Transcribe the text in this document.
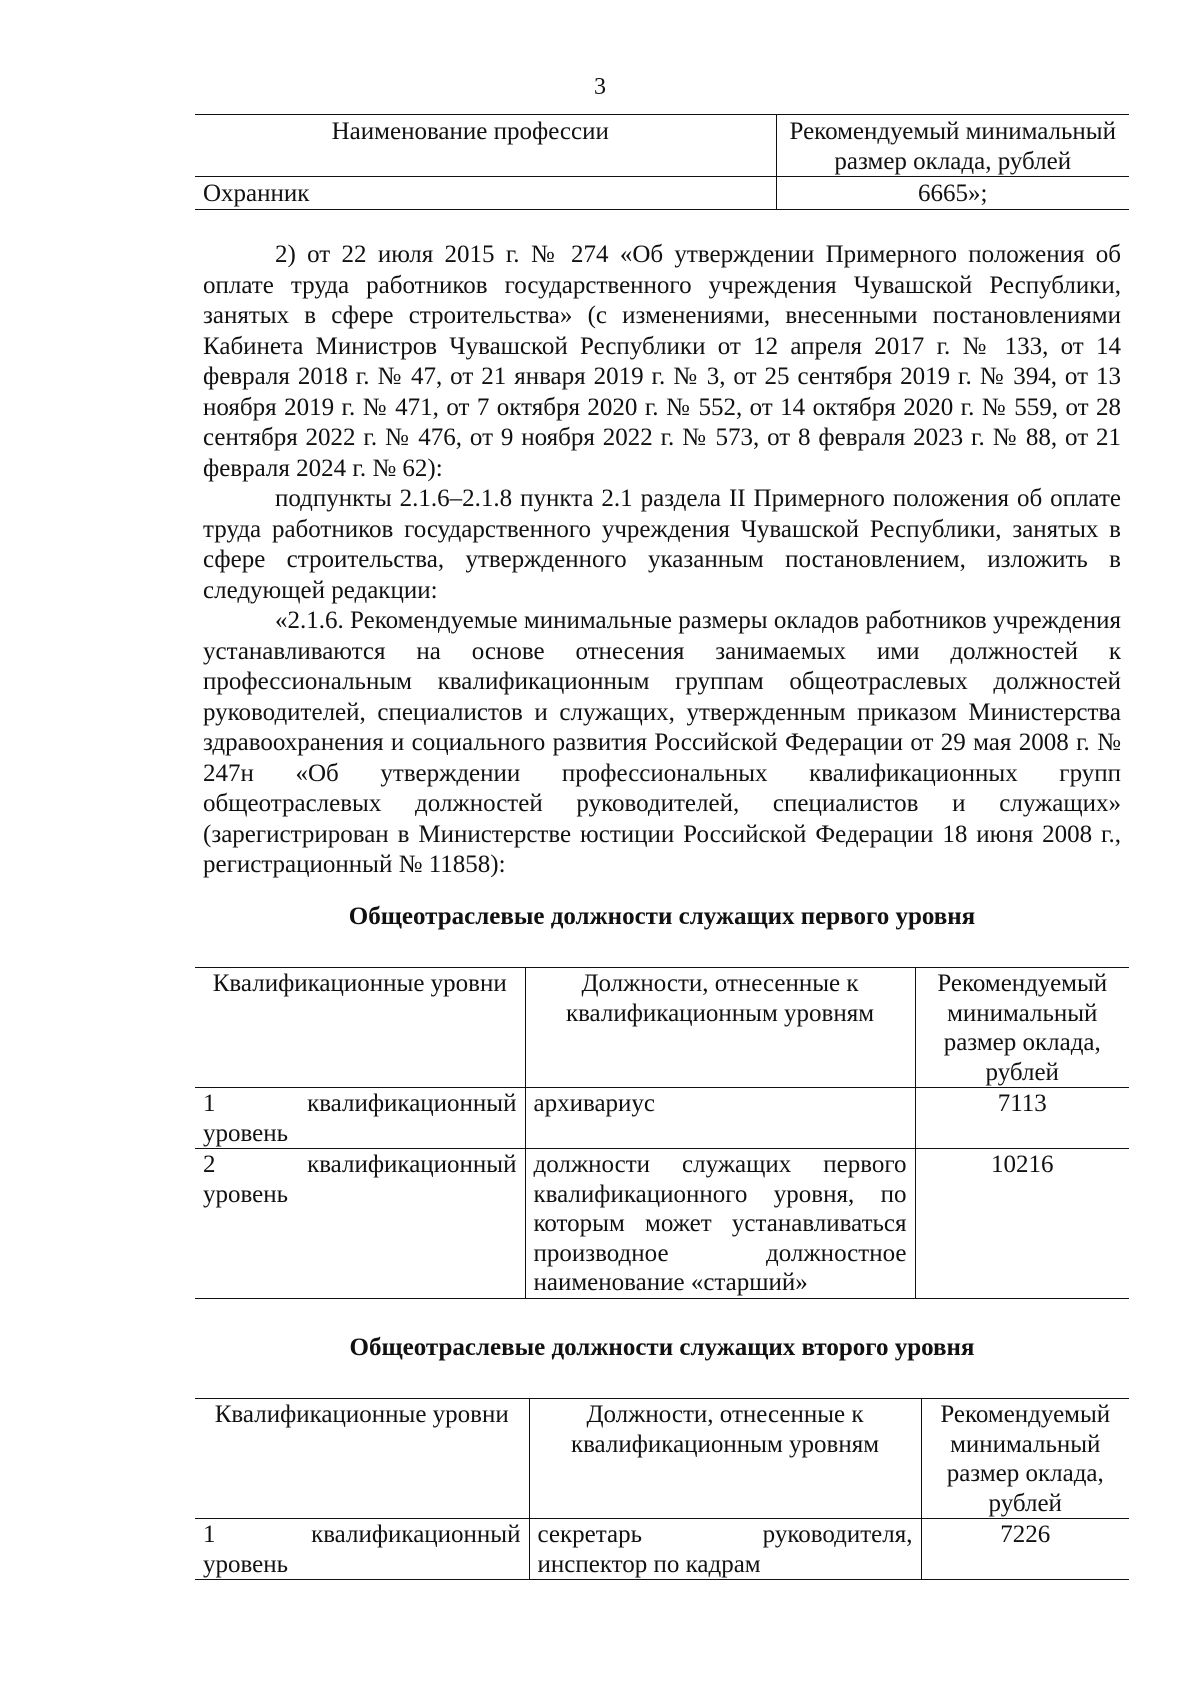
3
Наименование профессии	Рекомендуемый минимальный размер оклада, рублей
Охранник	6665»;

2) от 22 июля 2015 г. № 274 «Об утверждении Примерного положения об оплате труда работников государственного учреждения Чувашской Республики, занятых в сфере строительства» (с изменениями, внесенными постановлениями Кабинета Министров Чувашской Республики от 12 апреля 2017 г. № 133, от 14 февраля 2018 г. № 47, от 21 января 2019 г. № 3, от 25 сентября 2019 г. № 394, от 13 ноября 2019 г. № 471, от 7 октября 2020 г. № 552, от 14 октября 2020 г. № 559, от 28 сентября 2022 г. № 476, от 9 ноября 2022 г. № 573, от 8 февраля 2023 г. № 88, от 21 февраля 2024 г. № 62):

подпункты 2.1.6–2.1.8 пункта 2.1 раздела II Примерного положения об оплате труда работников государственного учреждения Чувашской Республики, занятых в сфере строительства, утвержденного указанным постановлением, изложить в следующей редакции:

«2.1.6. Рекомендуемые минимальные размеры окладов работников учреждения устанавливаются на основе отнесения занимаемых ими должностей к профессиональным квалификационным группам общеотраслевых должностей руководителей, специалистов и служащих, утвержденным приказом Министерства здравоохранения и социального развития Российской Федерации от 29 мая 2008 г. № 247н «Об утверждении профессиональных квалификационных групп общеотраслевых должностей руководителей, специалистов и служащих» (зарегистрирован в Министерстве юстиции Российской Федерации 18 июня 2008 г., регистрационный № 11858):

Общеотраслевые должности служащих первого уровня
Квалификационные уровни	Должности, отнесенные к квалификационным уровням	Рекомендуемый минимальный размер оклада, рублей
1 квалификационный уровень	архивариус	7113
2 квалификационный уровень	должности служащих первого квалификационного уровня, по которым может устанавливаться производное должностное наименование «старший»	10216
Общеотраслевые должности служащих второго уровня
Квалификационные уровни	Должности, отнесенные к квалификационным уровням	Рекомендуемый минимальный размер оклада, рублей
1 квалификационный уровень	секретарь руководителя, инспектор по кадрам	7226
